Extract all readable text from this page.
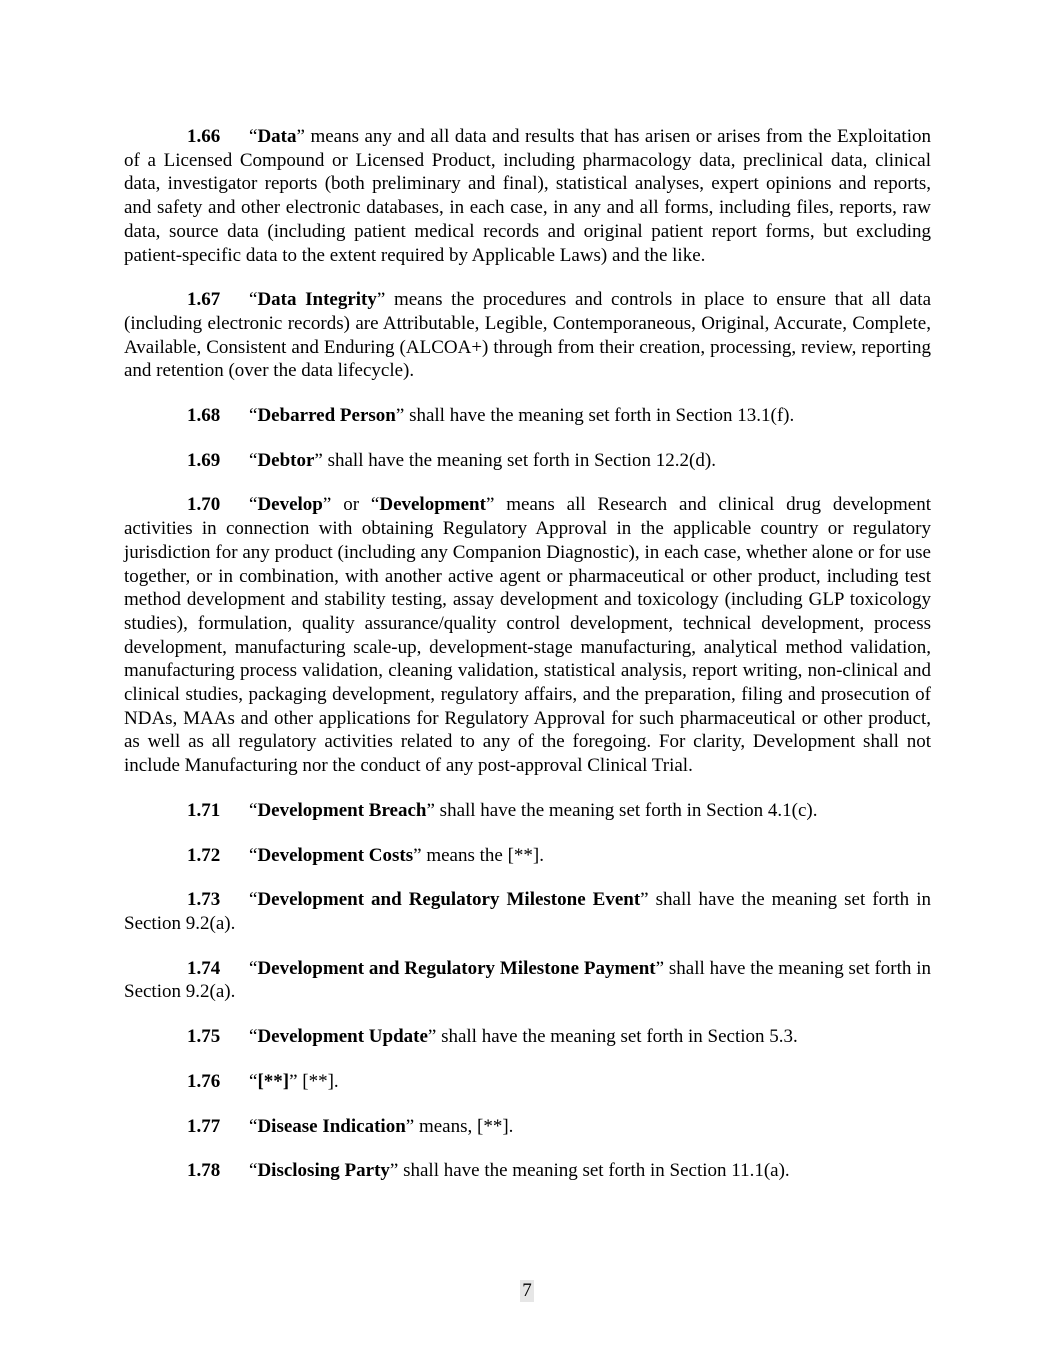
1.66 “Data” means any and all data and results that has arisen or arises from the Exploitation of a Licensed Compound or Licensed Product, including pharmacology data, preclinical data, clinical data, investigator reports (both preliminary and final), statistical analyses, expert opinions and reports, and safety and other electronic databases, in each case, in any and all forms, including files, reports, raw data, source data (including patient medical records and original patient report forms, but excluding patient-specific data to the extent required by Applicable Laws) and the like.

1.67 “Data Integrity” means the procedures and controls in place to ensure that all data (including electronic records) are Attributable, Legible, Contemporaneous, Original, Accurate, Complete, Available, Consistent and Enduring (ALCOA+) through from their creation, processing, review, reporting and retention (over the data lifecycle).

1.68 “Debarred Person” shall have the meaning set forth in Section 13.1(f).

1.69 “Debtor” shall have the meaning set forth in Section 12.2(d).

1.70 “Develop” or “Development” means all Research and clinical drug development activities in connection with obtaining Regulatory Approval in the applicable country or regulatory jurisdiction for any product (including any Companion Diagnostic), in each case, whether alone or for use together, or in combination, with another active agent or pharmaceutical or other product, including test method development and stability testing, assay development and toxicology (including GLP toxicology studies), formulation, quality assurance/quality control development, technical development, process development, manufacturing scale-up, development-stage manufacturing, analytical method validation, manufacturing process validation, cleaning validation, statistical analysis, report writing, non-clinical and clinical studies, packaging development, regulatory affairs, and the preparation, filing and prosecution of NDAs, MAAs and other applications for Regulatory Approval for such pharmaceutical or other product, as well as all regulatory activities related to any of the foregoing. For clarity, Development shall not include Manufacturing nor the conduct of any post-approval Clinical Trial.

1.71 “Development Breach” shall have the meaning set forth in Section 4.1(c).

1.72 “Development Costs” means the [**].

1.73 “Development and Regulatory Milestone Event” shall have the meaning set forth in Section 9.2(a).

1.74 “Development and Regulatory Milestone Payment” shall have the meaning set forth in Section 9.2(a).

1.75 “Development Update” shall have the meaning set forth in Section 5.3.

1.76 “[**]” [**].

1.77 “Disease Indication” means, [**].

1.78 “Disclosing Party” shall have the meaning set forth in Section 11.1(a).

7
